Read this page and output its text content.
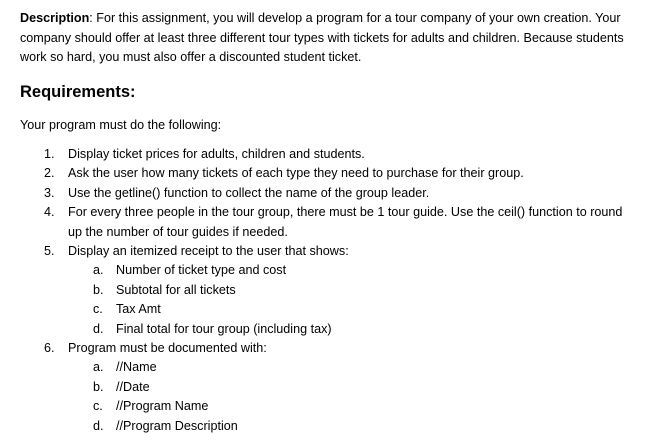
Description: For this assignment, you will develop a program for a tour company of your own creation. Your company should offer at least three different tour types with tickets for adults and children. Because students work so hard, you must also offer a discounted student ticket.
Requirements:
Your program must do the following:
1. Display ticket prices for adults, children and students.
2. Ask the user how many tickets of each type they need to purchase for their group.
3. Use the getline() function to collect the name of the group leader.
4. For every three people in the tour group, there must be 1 tour guide. Use the ceil() function to round up the number of tour guides if needed.
5. Display an itemized receipt to the user that shows:
a. Number of ticket type and cost
b. Subtotal for all tickets
c. Tax Amt
d. Final total for tour group (including tax)
6. Program must be documented with:
a. //Name
b. //Date
c. //Program Name
d. //Program Description
